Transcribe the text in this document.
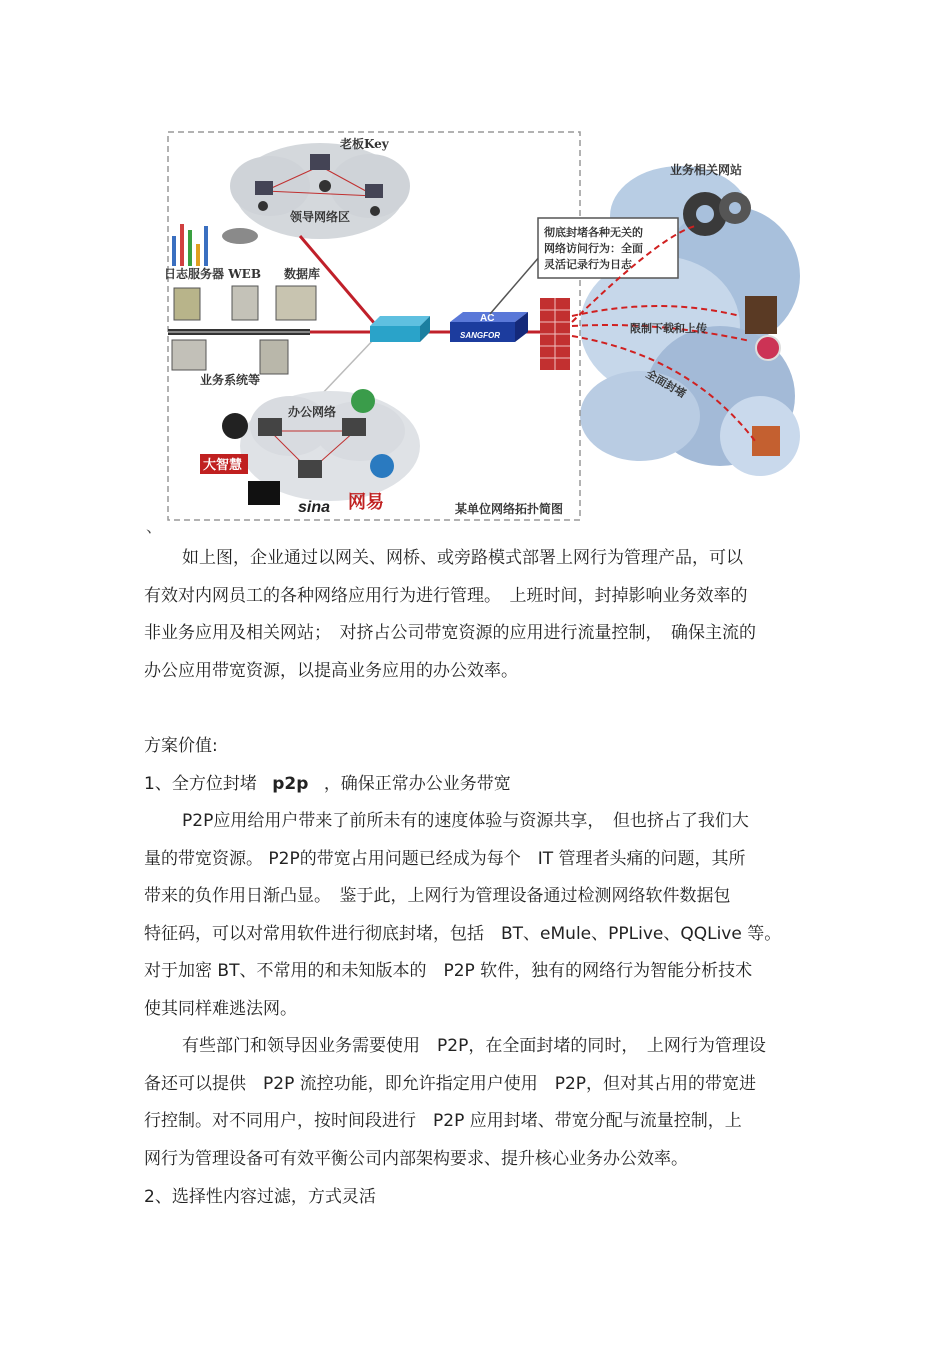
老板Key
领导网络区
日志服务器 WEB 数据库
业务系统等
AC
SANGFOR
彻底封堵各种无关的
网络访问行为：全面
灵活记录行为日志
业务相关网站
限制下载和上传
全面封堵
办公网络
大智慧
sina 网易	某单位网络拓扑简图
、
如上图，企业通过以网关、网桥、或旁路模式部署上网行为管理产品，可以
有效对内网员工的各种网络应用行为进行管理。　上班时间，封掉影响业务效率的
非业务应用及相关网站；　对挤占公司带宽资源的应用进行流量控制，　确保主流的
办公应用带宽资源，以提高业务应用的办公效率。
方案价值:
1、全方位封堵 p2p ，确保正常办公业务带宽
P2P应用给用户带来了前所未有的速度体验与资源共享，　但也挤占了我们大
量的带宽资源。 P2P的带宽占用问题已经成为每个　IT 管理者头痛的问题，其所
带来的负作用日渐凸显。　鉴于此，上网行为管理设备通过检测网络软件数据包
特征码，可以对常用软件进行彻底封堵，包括　BT、eMule、PPLive、QQLive 等。
对于加密 BT、不常用的和未知版本的　P2P 软件，独有的网络行为智能分析技术
使其同样难逃法网。
有些部门和领导因业务需要使用　P2P，在全面封堵的同时，　上网行为管理设
备还可以提供　P2P 流控功能，即允许指定用户使用　P2P，但对其占用的带宽进
行控制。对不同用户，按时间段进行　P2P 应用封堵、带宽分配与流量控制，上
网行为管理设备可有效平衡公司内部架构要求、提升核心业务办公效率。
2、选择性内容过滤，方式灵活
